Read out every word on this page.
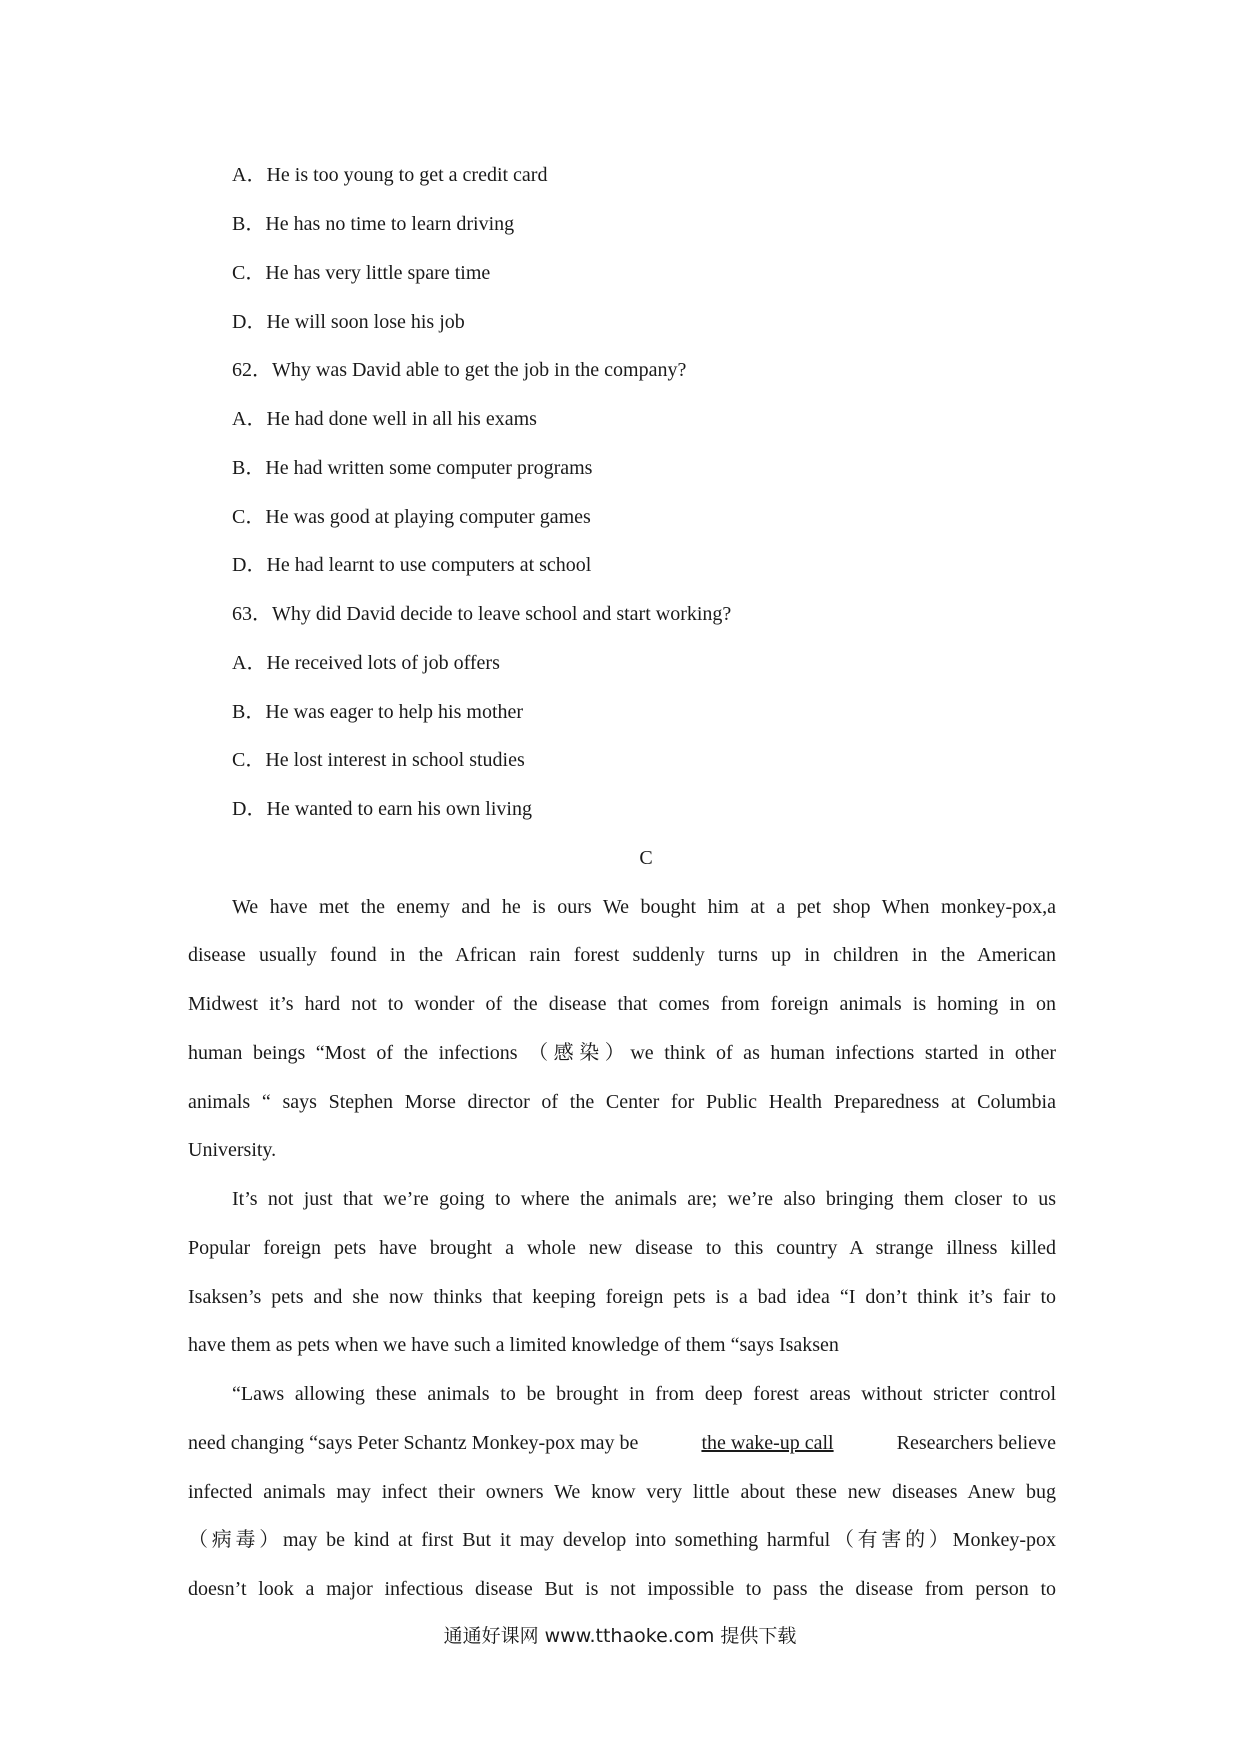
A．He is too young to get a credit card
B．He has no time to learn driving
C．He has very little spare time
D．He will soon lose his job
62．Why was David able to get the job in the company?
A．He had done well in all his exams
B．He had written some computer programs
C．He was good at playing computer games
D．He had learnt to use computers at school
63．Why did David decide to leave school and start working?
A．He received lots of job offers
B．He was eager to help his mother
C．He lost interest in school studies
D．He wanted to earn his own living
C
We have met the enemy and he is ours We bought him at a pet shop When monkey-pox,a
disease usually found in the African rain forest suddenly turns up in children in the American
Midwest it’s hard not to wonder of the disease that comes from foreign animals is homing in on
human beings “Most of the infections （感染）we think of as human infections started in other
animals “ says Stephen Morse director of the Center for Public Health Preparedness at Columbia
University.
It’s not just that we’re going to where the animals are; we’re also bringing them closer to us
Popular foreign pets have brought a whole new disease to this country A strange illness killed
Isaksen’s pets and she now thinks that keeping foreign pets is a bad idea “I don’t think it’s fair to
have them as pets when we have such a limited knowledge of them “says Isaksen
“Laws allowing these animals to be brought in from deep forest areas without stricter control
need changing “says Peter Schantz Monkey-pox may be	the wake-up call	Researchers believe
infected animals may infect their owners We know very little about these new diseases Anew bug
（病毒）may be kind at first But it may develop into something harmful（有害的）Monkey-pox
doesn’t look a major infectious disease But is not impossible to pass the disease from person to
通通好课网 www.tthaoke.com 提供下载
